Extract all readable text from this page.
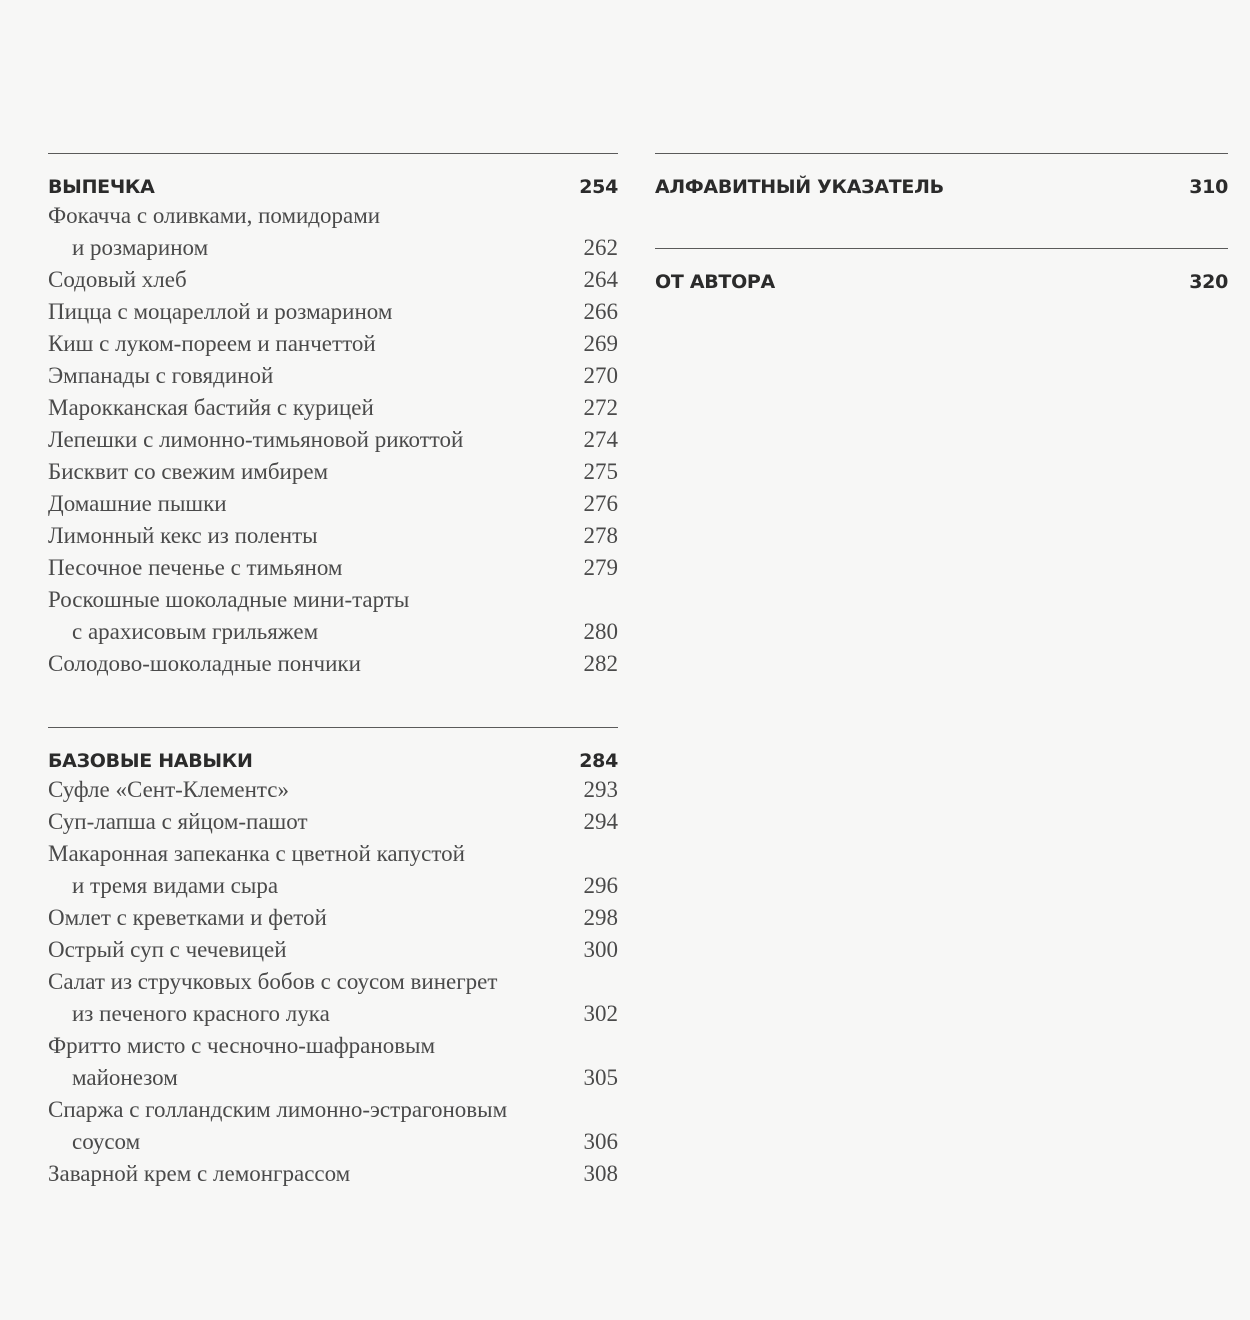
ВЫПЕЧКА	254
Фокачча с оливками, помидорами
и розмарином	262
Содовый хлеб	264
Пицца с моцареллой и розмарином	266
Киш с луком-пореем и панчеттой	269
Эмпанады с говядиной	270
Марокканская бастийя с курицей	272
Лепешки с лимонно-тимьяновой рикоттой	274
Бисквит со свежим имбирем	275
Домашние пышки	276
Лимонный кекс из поленты	278
Песочное печенье с тимьяном	279
Роскошные шоколадные мини-тарты
с арахисовым грильяжем	280
Солодово-шоколадные пончики	282
БАЗОВЫЕ НАВЫКИ	284
Суфле «Сент-Клементс»	293
Суп-лапша с яйцом-пашот	294
Макаронная запеканка с цветной капустой
и тремя видами сыра	296
Омлет с креветками и фетой	298
Острый суп с чечевицей	300
Салат из стручковых бобов с соусом винегрет
из печеного красного лука	302
Фритто мисто с чесночно-шафрановым
майонезом	305
Спаржа с голландским лимонно-эстрагоновым
соусом	306
Заварной крем с лемонграссом	308
АЛФАВИТНЫЙ УКАЗАТЕЛЬ	310
ОТ АВТОРА	320
